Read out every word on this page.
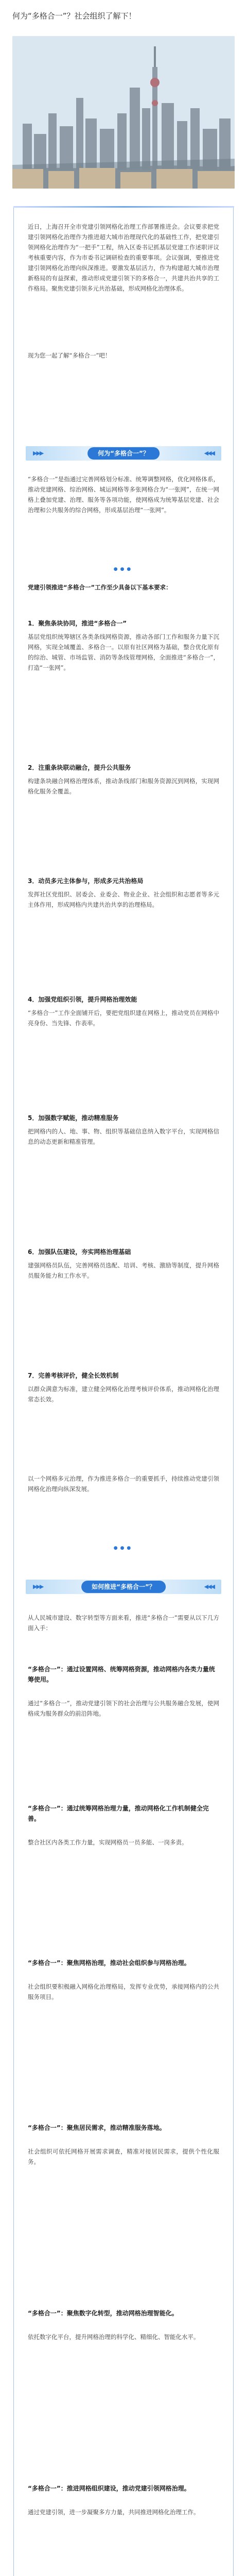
何为“多格合一”？社会组织了解下！
近日，上海召开全市党建引领网格化治理工作部署推进会。会议要求把党建引领网格化治理作为推进超大城市治理现代化的基础性工作，把党建引领网格化治理作为“一把手”工程，纳入区委书记抓基层党建工作述职评议考核重要内容，作为市委书记调研检查的重要事项。会议强调，要推进党建引领网格化治理向纵深推进。要激发基层活力，作为构建超大城市治理新格局的有益探索，推动形成党建引领下的多格合一，共建共治共享的工作格局。聚焦党建引领多元共治基础，形成网格化治理体系。
现为您一起了解“多格合一”吧！
▶▶▶	何为“多格合一”？	◀◀◀
“多格合一”是指通过完善网格划分标准、统筹调整网格，优化网格体系，推动党建网格、综治网格、城运网格等多张网格合为“一张网”，在统一网格上叠加党建、治理、服务等各项功能，使网格成为统筹基层党建、社会治理和公共服务的综合网格，形成基层治理“一张网”。
●●●
党建引领推进“多格合一”工作至少具备以下基本要求：
1．聚焦条块协同，推进“多格合一”
基层党组织统筹辖区各类条线网格资源，推动各部门工作和服务力量下沉网格，实现全域覆盖、多格合一。以原有社区网格为基础，整合优化原有的综治、城管、市场监管、消防等条线管理网格，全面推进“多格合一”，打造“一张网”。
2．注重条块联动融合，提升公共服务
构建条块融合网格治理体系，推动条线部门和服务资源沉到网格，实现网格化服务全覆盖。
3．动员多元主体参与，形成多元共治格局
发挥社区党组织、居委会、业委会、物业企业、社会组织和志愿者等多元主体作用，形成网格内共建共治共享的治理格局。
4．加强党组织引领，提升网格治理效能
“多格合一”工作全面铺开后，要把党组织建在网格上，推动党员在网格中亮身份、当先锋、作表率。
5．加强数字赋能，推动精准服务
把网格内的人、地、事、物、组织等基础信息纳入数字平台，实现网格信息的动态更新和精准管理。
6．加强队伍建设，夯实网格治理基础
建强网格员队伍，完善网格员选配、培训、考核、激励等制度，提升网格员服务能力和工作水平。
7．完善考核评价，健全长效机制
以群众满意为标准，建立健全网格化治理考核评价体系，推动网格化治理常态长效。
以一个网格多元治理，作为推进多格合一的重要抓手，持续推动党建引领网格化治理向纵深发展。
●●●
▶▶▶	如何推进“多格合一”？	◀◀◀
从人民城市建设、数字转型等方面来看，推进“多格合一”需要从以下几方面入手：
“多格合一”：通过设置网格、统筹网格资源，推动网格内各类力量统筹使用。
通过“多格合一”，推动党建引领下的社会治理与公共服务融合发展，使网格成为服务群众的前沿阵地。
“多格合一”：通过统筹网格治理力量，推动网格化工作机制健全完善。
整合社区内各类工作力量，实现网格员一员多能、一岗多责。
“多格合一”：聚焦网格治理，推动社会组织参与网格治理。
社会组织要积极融入网格化治理格局，发挥专业优势，承接网格内的公共服务项目。
“多格合一”：聚焦居民需求，推动精准服务落地。
社会组织可依托网格开展需求调查，精准对接居民需求，提供个性化服务。
“多格合一”：聚焦数字化转型，推动网格治理智能化。
依托数字化平台，提升网格治理的科学化、精细化、智能化水平。
“多格合一”：推进网格组织建设，推动党建引领网格治理。
通过党建引领，进一步凝聚多方力量，共同推进网格化治理工作。
